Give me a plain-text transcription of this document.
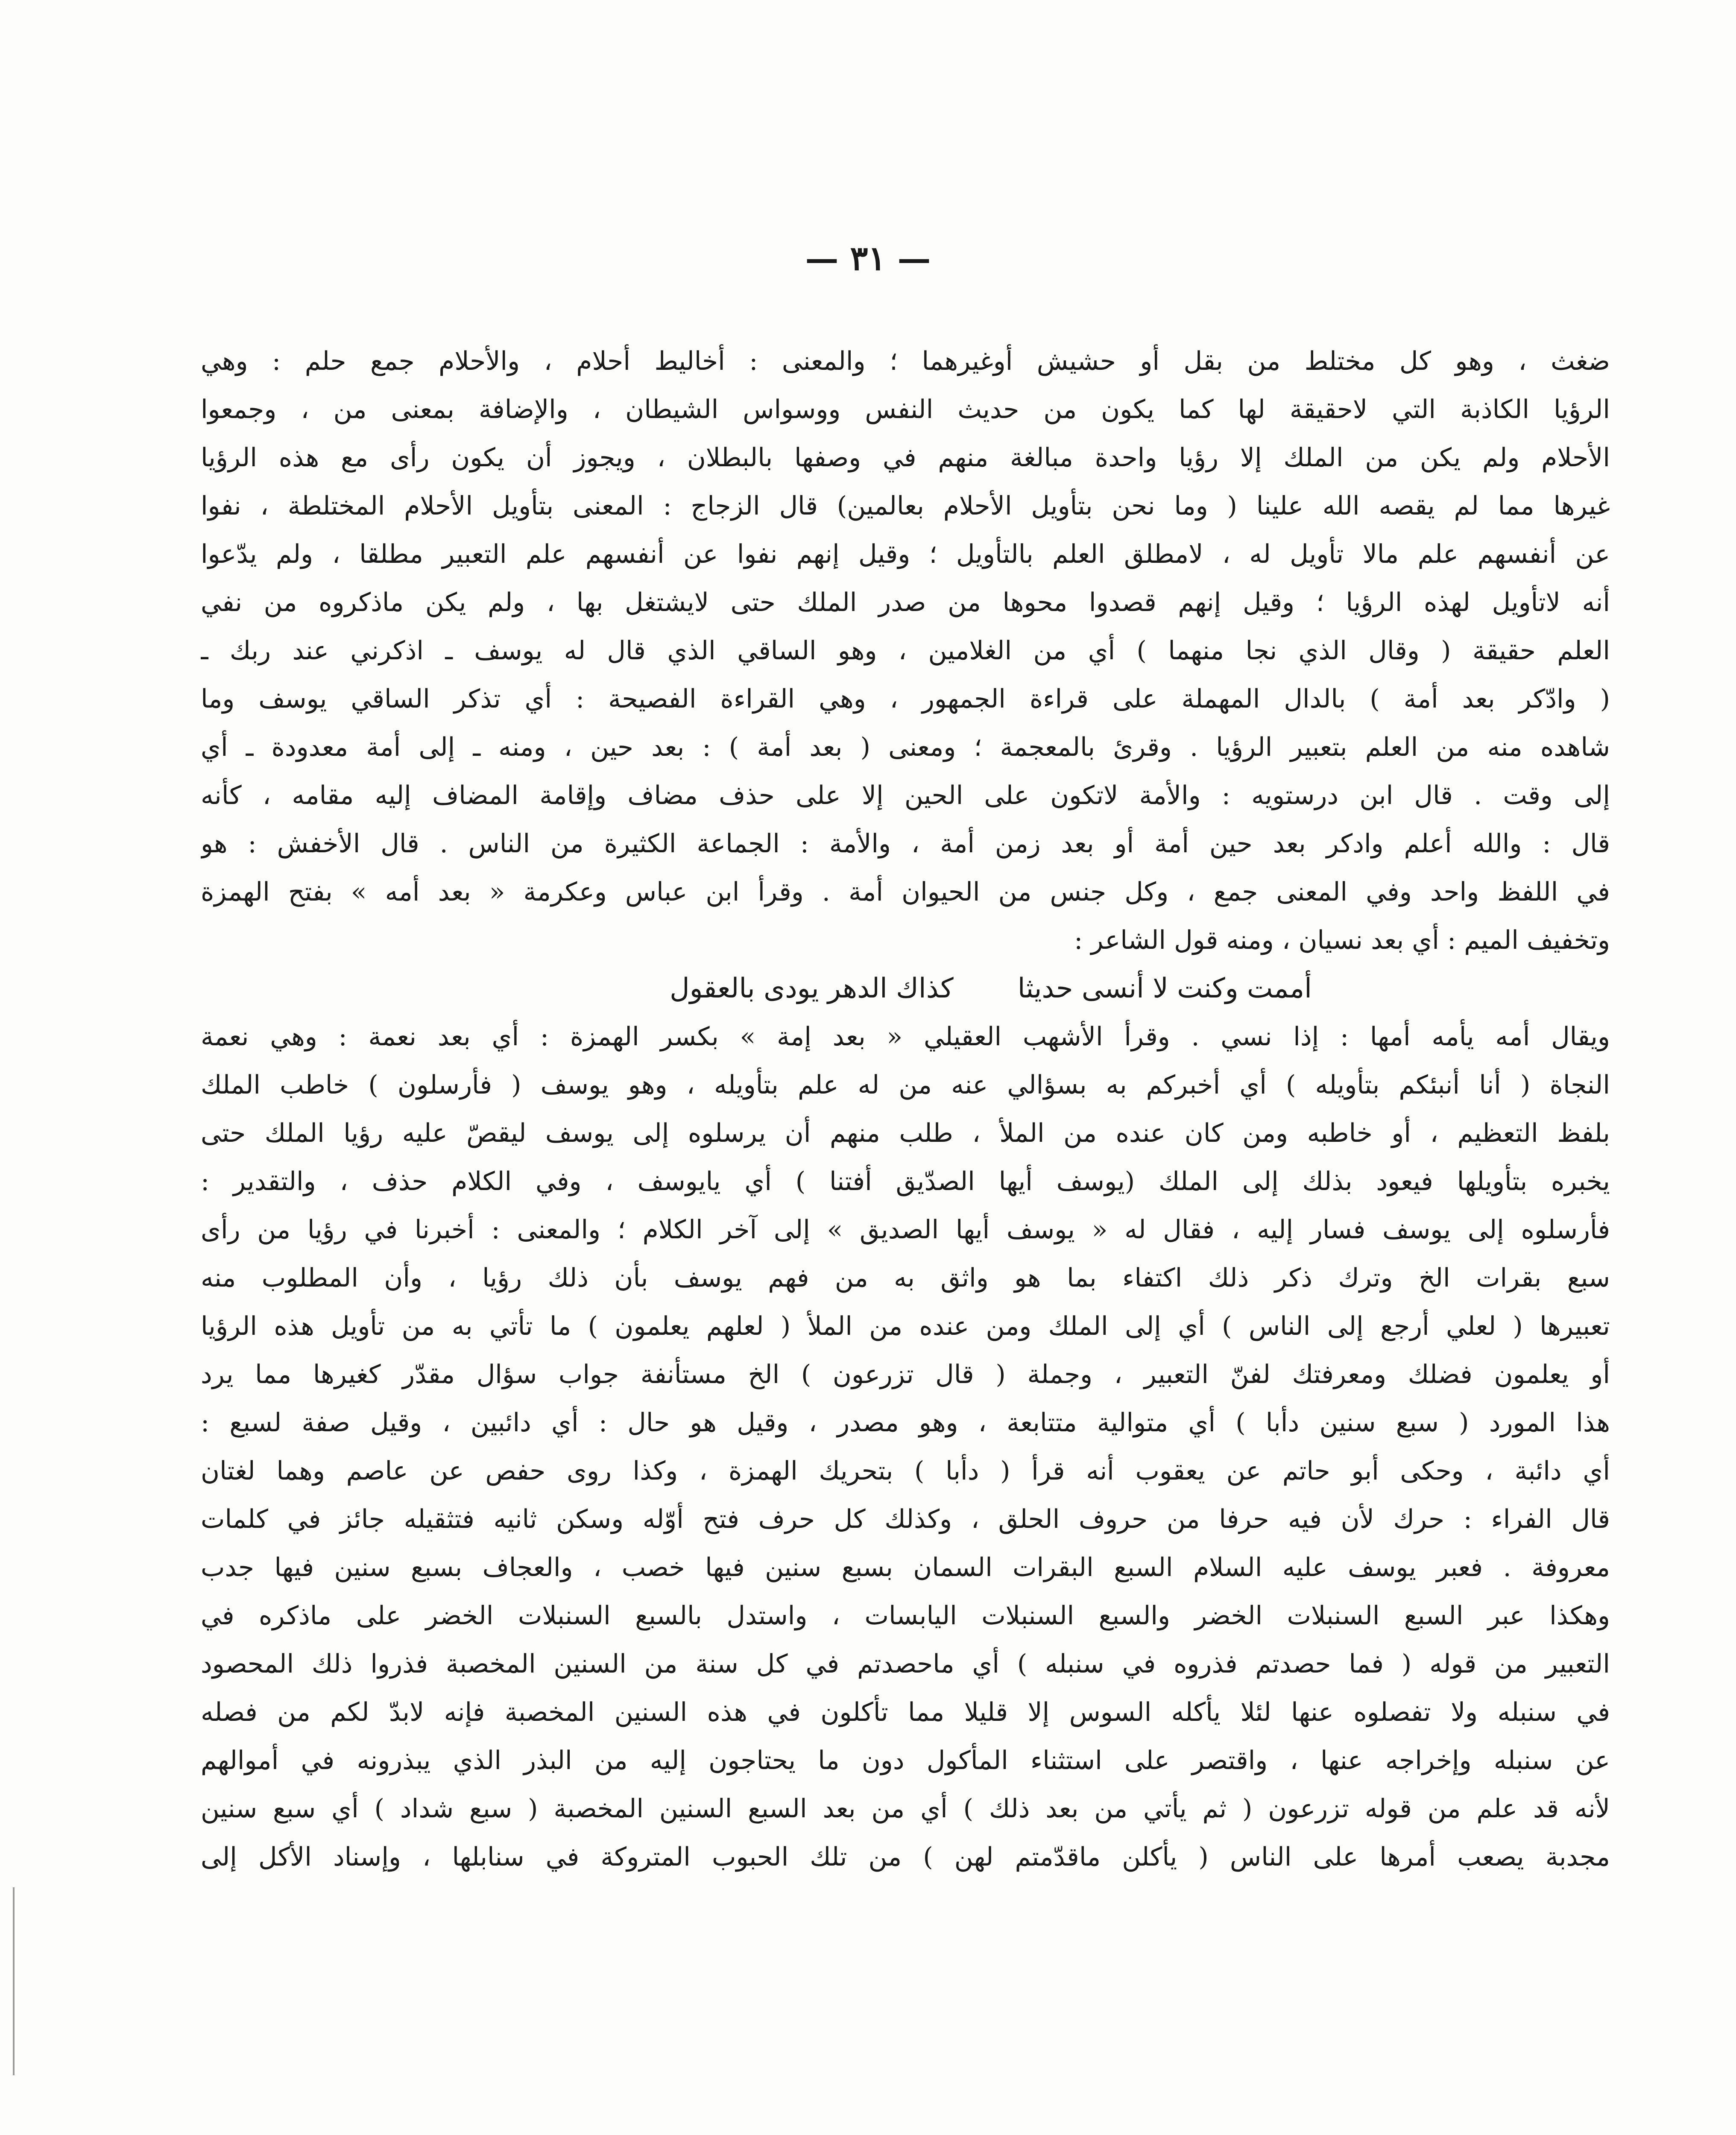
— ٣١ —
ضغث ، وهو كل مختلط من بقل أو حشيش أوغيرهما ؛ والمعنى : أخاليط أحلام ، والأحلام جمع حلم : وهي
الرؤيا الكاذبة التي لاحقيقة لها كما يكون من حديث النفس ووسواس الشيطان ، والإضافة بمعنى من ، وجمعوا
الأحلام ولم يكن من الملك إلا رؤيا واحدة مبالغة منهم في وصفها بالبطلان ، ويجوز أن يكون رأى مع هذه الرؤيا
غيرها مما لم يقصه الله علينا ( وما نحن بتأويل الأحلام بعالمين) قال الزجاج : المعنى بتأويل الأحلام المختلطة ، نفوا
عن أنفسهم علم مالا تأويل له ، لامطلق العلم بالتأويل ؛ وقيل إنهم نفوا عن أنفسهم علم التعبير مطلقا ، ولم يدّعوا
أنه لاتأويل لهذه الرؤيا ؛ وقيل إنهم قصدوا محوها من صدر الملك حتى لايشتغل بها ، ولم يكن ماذكروه من نفي
العلم حقيقة ( وقال الذي نجا منهما ) أي من الغلامين ، وهو الساقي الذي قال له يوسف ـ اذكرني عند ربك ـ
( وادّكر بعد أمة ) بالدال المهملة على قراءة الجمهور ، وهي القراءة الفصيحة : أي تذكر الساقي يوسف وما
شاهده منه من العلم بتعبير الرؤيا . وقرئ بالمعجمة ؛ ومعنى ( بعد أمة ) : بعد حين ، ومنه ـ إلى أمة معدودة ـ أي
إلى وقت . قال ابن درستويه : والأمة لاتكون على الحين إلا على حذف مضاف وإقامة المضاف إليه مقامه ، كأنه
قال : والله أعلم وادكر بعد حين أمة أو بعد زمن أمة ، والأمة : الجماعة الكثيرة من الناس . قال الأخفش : هو
في اللفظ واحد وفي المعنى جمع ، وكل جنس من الحيوان أمة . وقرأ ابن عباس وعكرمة « بعد أمه » بفتح الهمزة
وتخفيف الميم : أي بعد نسيان ، ومنه قول الشاعر :
أممت وكنت لا أنسى حديثا
كذاك الدهر يودى بالعقول
ويقال أمه يأمه أمها : إذا نسي . وقرأ الأشهب العقيلي « بعد إمة » بكسر الهمزة : أي بعد نعمة : وهي نعمة
النجاة ( أنا أنبئكم بتأويله ) أي أخبركم به بسؤالي عنه من له علم بتأويله ، وهو يوسف ( فأرسلون ) خاطب الملك
بلفظ التعظيم ، أو خاطبه ومن كان عنده من الملأ ، طلب منهم أن يرسلوه إلى يوسف ليقصّ عليه رؤيا الملك حتى
يخبره بتأويلها فيعود بذلك إلى الملك (يوسف أيها الصدّيق أفتنا ) أي يايوسف ، وفي الكلام حذف ، والتقدير :
فأرسلوه إلى يوسف فسار إليه ، فقال له « يوسف أيها الصديق » إلى آخر الكلام ؛ والمعنى : أخبرنا في رؤيا من رأى
سبع بقرات الخ وترك ذكر ذلك اكتفاء بما هو واثق به من فهم يوسف بأن ذلك رؤيا ، وأن المطلوب منه
تعبيرها ( لعلي أرجع إلى الناس ) أي إلى الملك ومن عنده من الملأ ( لعلهم يعلمون ) ما تأتي به من تأويل هذه الرؤيا
أو يعلمون فضلك ومعرفتك لفنّ التعبير ، وجملة ( قال تزرعون ) الخ مستأنفة جواب سؤال مقدّر كغيرها مما يرد
هذا المورد ( سبع سنين دأبا ) أي متوالية متتابعة ، وهو مصدر ، وقيل هو حال : أي دائبين ، وقيل صفة لسبع :
أي دائبة ، وحكى أبو حاتم عن يعقوب أنه قرأ ( دأبا ) بتحريك الهمزة ، وكذا روى حفص عن عاصم وهما لغتان
قال الفراء : حرك لأن فيه حرفا من حروف الحلق ، وكذلك كل حرف فتح أوّله وسكن ثانيه فتثقيله جائز في كلمات
معروفة . فعبر يوسف عليه السلام السبع البقرات السمان بسبع سنين فيها خصب ، والعجاف بسبع سنين فيها جدب
وهكذا عبر السبع السنبلات الخضر والسبع السنبلات اليابسات ، واستدل بالسبع السنبلات الخضر على ماذكره في
التعبير من قوله ( فما حصدتم فذروه في سنبله ) أي ماحصدتم في كل سنة من السنين المخصبة فذروا ذلك المحصود
في سنبله ولا تفصلوه عنها لئلا يأكله السوس إلا قليلا مما تأكلون في هذه السنين المخصبة فإنه لابدّ لكم من فصله
عن سنبله وإخراجه عنها ، واقتصر على استثناء المأكول دون ما يحتاجون إليه من البذر الذي يبذرونه في أموالهم
لأنه قد علم من قوله تزرعون ( ثم يأتي من بعد ذلك ) أي من بعد السبع السنين المخصبة ( سبع شداد ) أي سبع سنين
مجدبة يصعب أمرها على الناس ( يأكلن ماقدّمتم لهن ) من تلك الحبوب المتروكة في سنابلها ، وإسناد الأكل إلى
